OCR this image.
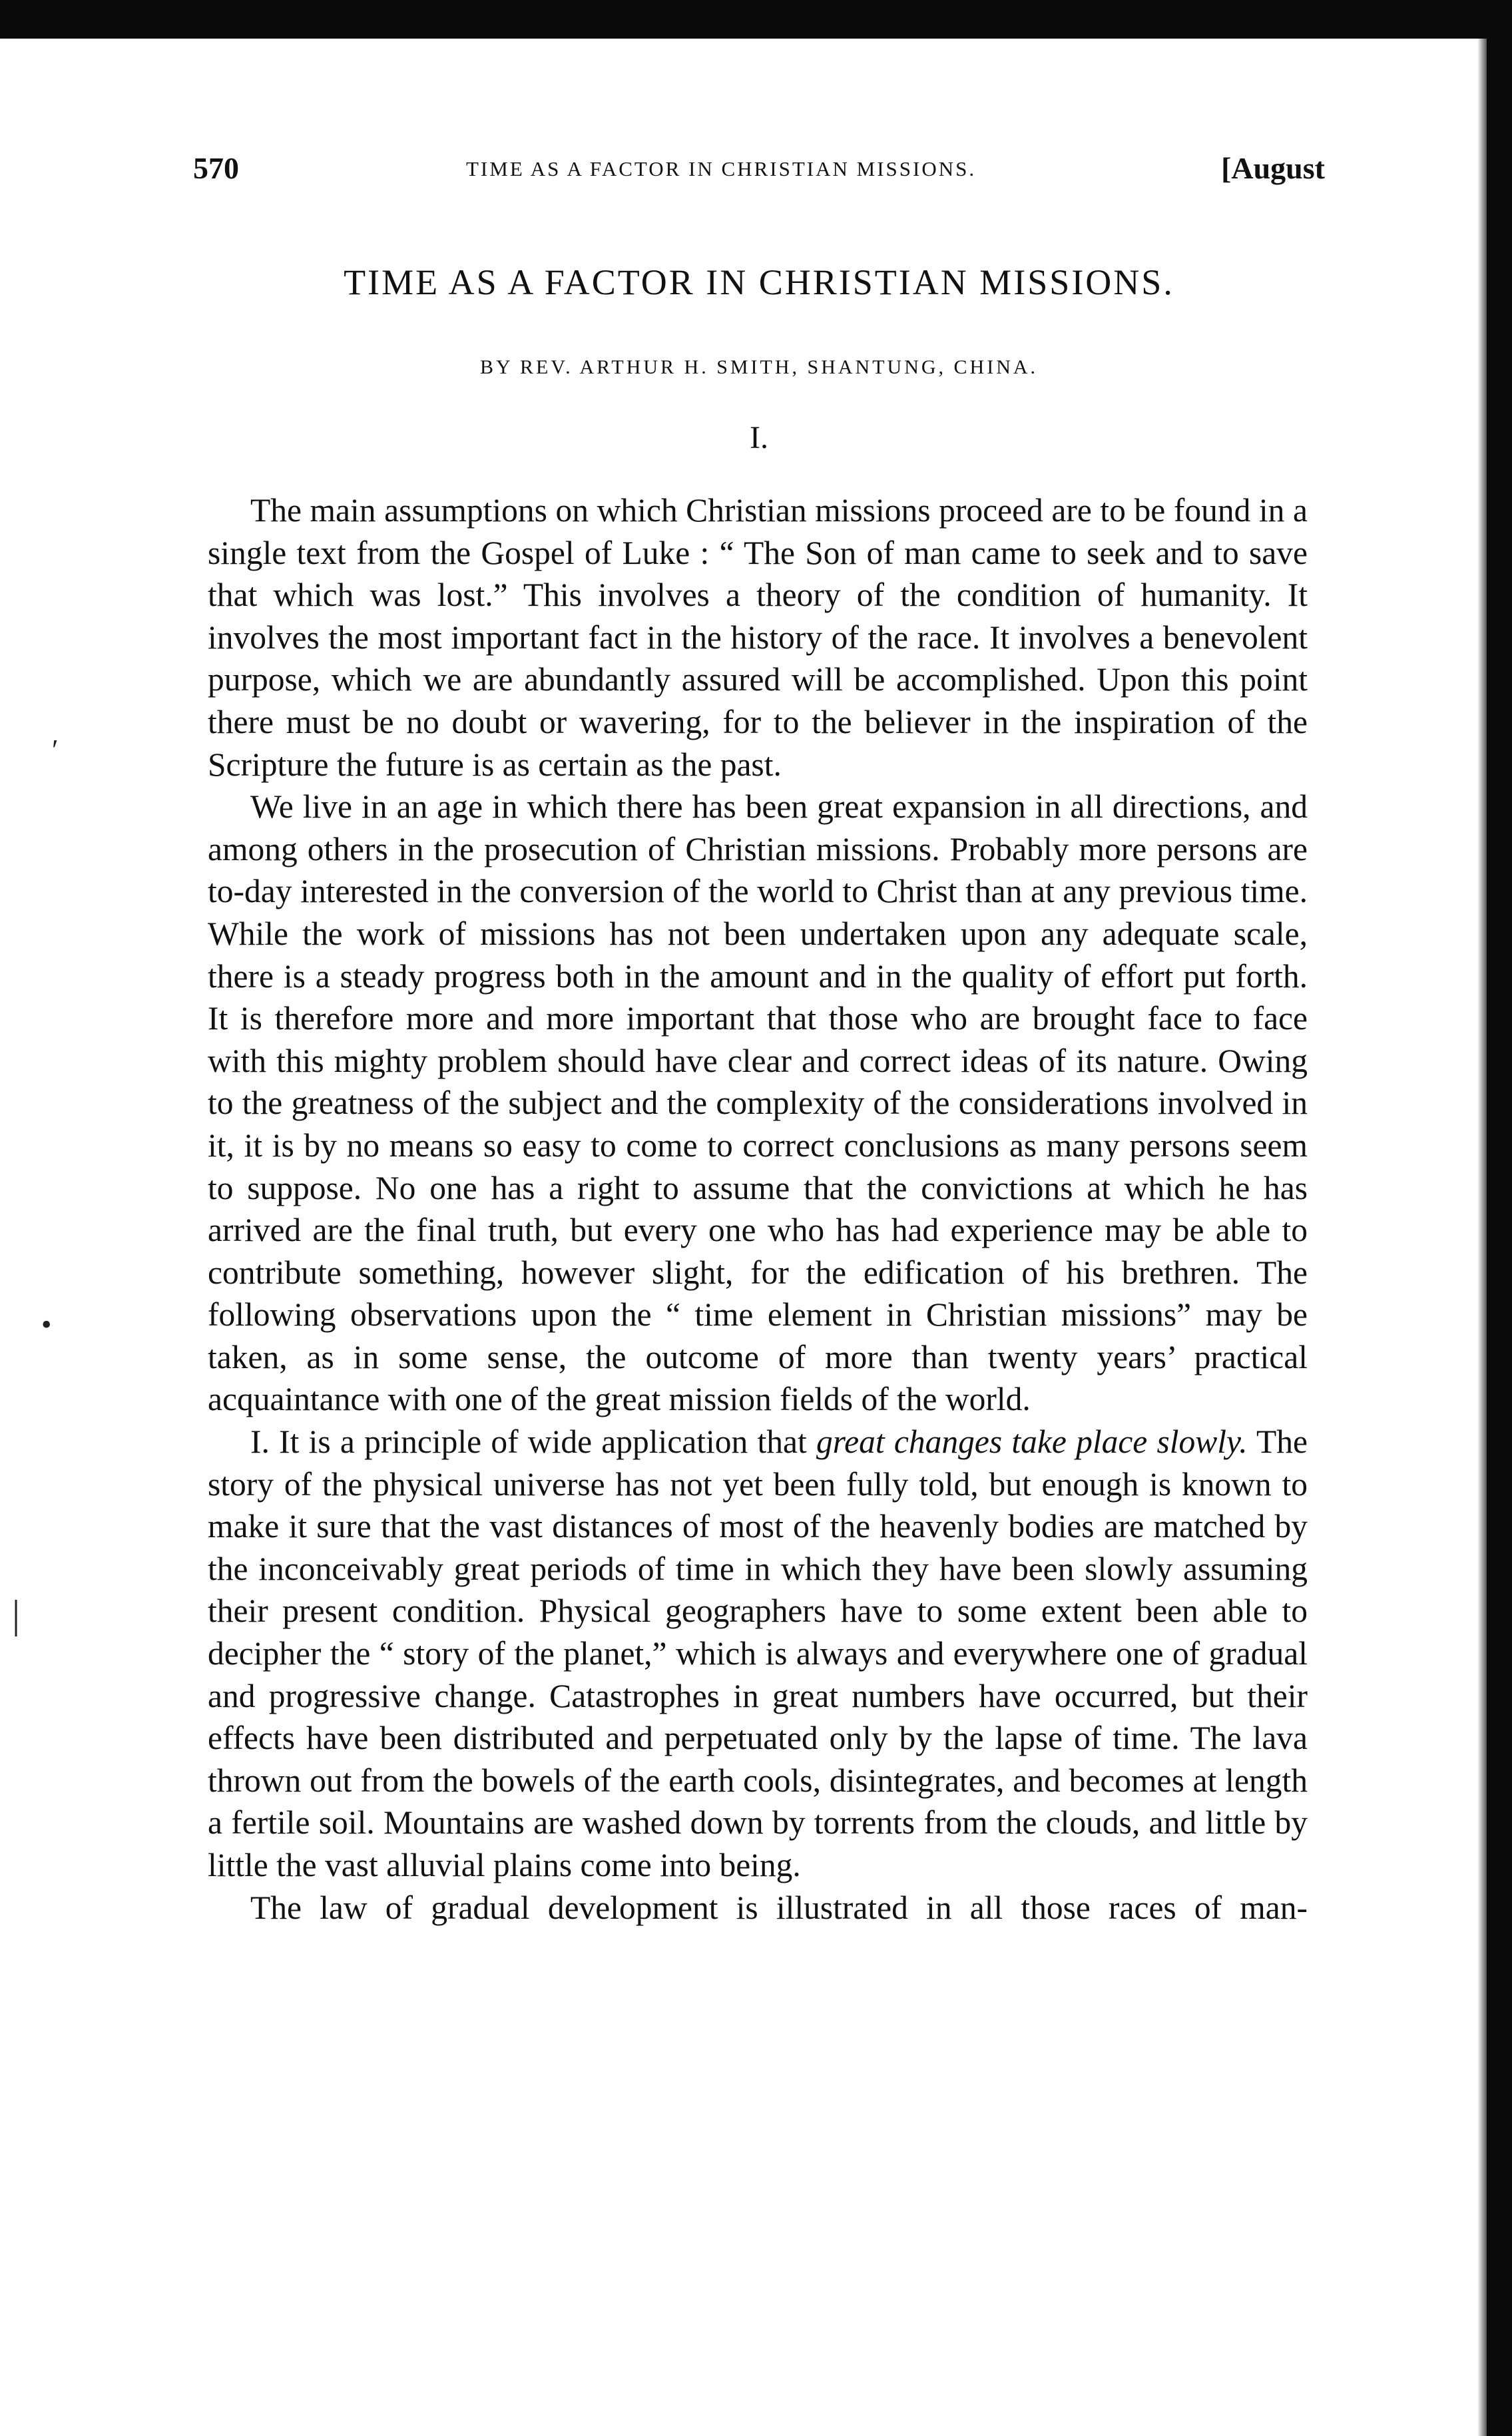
′
•
|
570	TIME AS A FACTOR IN CHRISTIAN MISSIONS.	[August
TIME AS A FACTOR IN CHRISTIAN MISSIONS.
BY REV. ARTHUR H. SMITH, SHANTUNG, CHINA.
I.

The main assumptions on which Christian missions proceed are to be found in a single text from the Gospel of Luke : “ The Son of man came to seek and to save that which was lost.” This involves a theory of the condition of humanity. It involves the most important fact in the history of the race. It involves a benevolent purpose, which we are abundantly assured will be accomplished. Upon this point there must be no doubt or wavering, for to the believer in the inspiration of the Scripture the future is as certain as the past.

We live in an age in which there has been great expansion in all directions, and among others in the prosecution of Christian missions. Probably more persons are to-day interested in the conversion of the world to Christ than at any previous time. While the work of missions has not been undertaken upon any adequate scale, there is a steady progress both in the amount and in the quality of effort put forth. It is therefore more and more important that those who are brought face to face with this mighty problem should have clear and correct ideas of its nature. Owing to the greatness of the subject and the complexity of the considerations involved in it, it is by no means so easy to come to correct conclusions as many persons seem to suppose. No one has a right to assume that the convictions at which he has arrived are the final truth, but every one who has had experience may be able to contribute something, however slight, for the edification of his brethren. The following observations upon the “ time element in Christian missions” may be taken, as in some sense, the outcome of more than twenty years’ practical acquaintance with one of the great mission fields of the world.

I. It is a principle of wide application that great changes take place slowly. The story of the physical universe has not yet been fully told, but enough is known to make it sure that the vast distances of most of the heavenly bodies are matched by the inconceivably great periods of time in which they have been slowly assuming their present condition. Physical geographers have to some extent been able to decipher the “ story of the planet,” which is always and everywhere one of gradual and progressive change. Catastrophes in great numbers have occurred, but their effects have been distributed and perpetuated only by the lapse of time. The lava thrown out from the bowels of the earth cools, disintegrates, and becomes at length a fertile soil. Mountains are washed down by torrents from the clouds, and little by little the vast alluvial plains come into being.

The law of gradual development is illustrated in all those races of man-
